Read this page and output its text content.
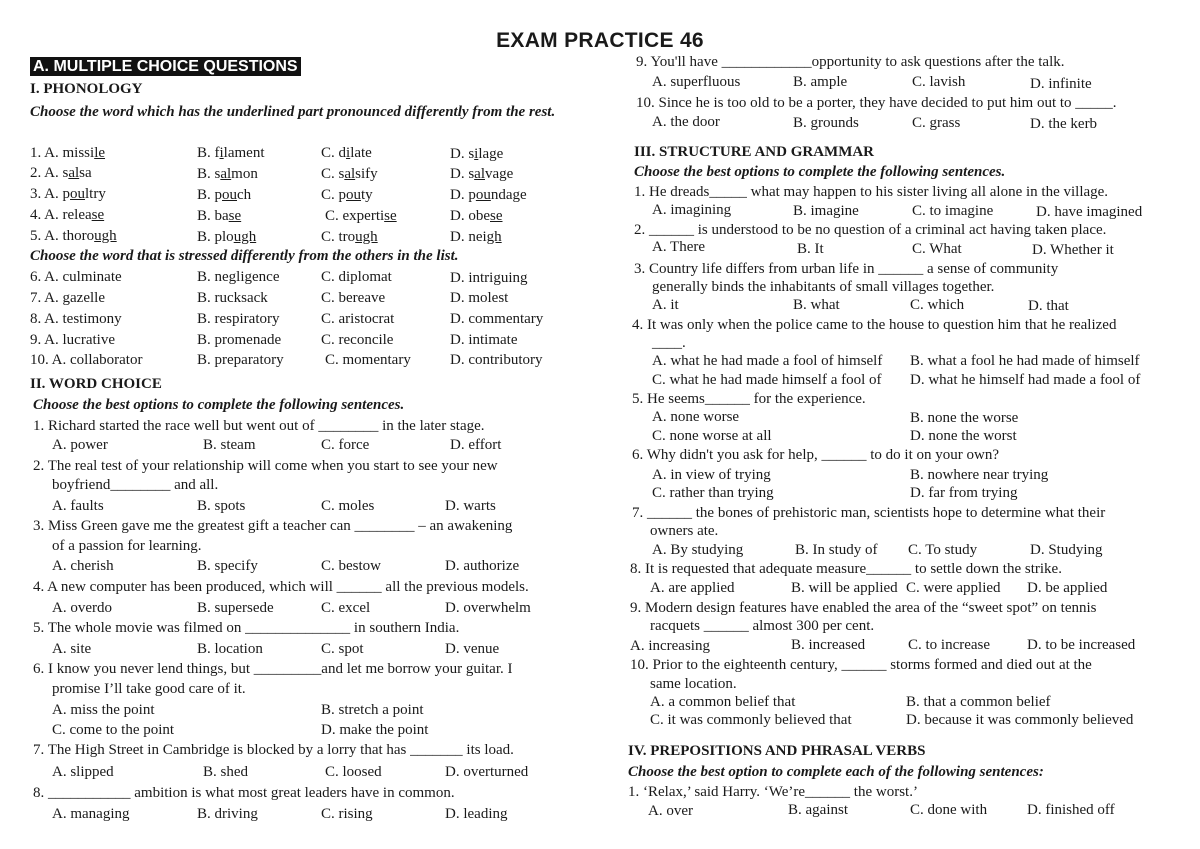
EXAM PRACTICE 46
A. MULTIPLE CHOICE QUESTIONS
I. PHONOLOGY
Choose the word which has the underlined part pronounced differently from the rest.
1. A. missile	B. filament	C. dilate	D. silage
2. A. salsa	B. salmon	C. salsify	D. salvage
3. A. poultry	B. pouch	C. pouty	D. poundage
4. A. release	B. base	C. expertise	D. obese
5. A. thorough	B. plough	C. trough	D. neigh
Choose the word that is stressed differently from the others in the list.
6. A. culminate	B. negligence	C. diplomat	D. intriguing
7. A. gazelle	B. rucksack	C. bereave	D. molest
8. A. testimony	B. respiratory	C. aristocrat	D. commentary
9. A. lucrative	B. promenade	C. reconcile	D. intimate
10. A. collaborator	B. preparatory	C. momentary	D. contributory
II. WORD CHOICE
Choose the best options to complete the following sentences.
1. Richard started the race well but went out of ________ in the later stage.
A. power	B. steam	C. force	D. effort
2. The real test of your relationship will come when you start to see your new
boyfriend________ and all.
A. faults	B. spots	C. moles	D. warts
3. Miss Green gave me the greatest gift a teacher can ________ – an awakening
of a passion for learning.
A. cherish	B. specify	C. bestow	D. authorize
4. A new computer has been produced, which will ______ all the previous models.
A. overdo	B. supersede	C. excel	D. overwhelm
5. The whole movie was filmed on ______________ in southern India.
A. site	B. location	C. spot	D. venue
6. I know you never lend things, but _________and let me borrow your guitar. I
promise I’ll take good care of it.
A. miss the point	B. stretch a point
C. come to the point	D. make the point
7. The High Street in Cambridge is blocked by a lorry that has _______ its load.
A. slipped	B. shed	C. loosed	D. overturned
8. ___________ ambition is what most great leaders have in common.
A. managing	B. driving	C. rising	D. leading
9. You'll have ____________opportunity to ask questions after the talk.
A. superfluous	B. ample	C. lavish	D. infinite
10. Since he is too old to be a porter, they have decided to put him out to _____.
A. the door	B. grounds	C. grass	D. the kerb
III. STRUCTURE AND GRAMMAR
Choose the best options to complete the following sentences.
1. He dreads_____ what may happen to his sister living all alone in the village.
A. imagining	B. imagine	C. to imagine	D. have imagined
2. ______ is understood to be no question of a criminal act having taken place.
A. There	B. It	C. What	D. Whether it
3. Country life differs from urban life in ______ a sense of community
generally binds the inhabitants of small villages together.
A. it	B. what	C. which	D. that
4. It was only when the police came to the house to question him that he realized
____.
A. what he had made a fool of himself B. what a fool he had made of himself
C. what he had made himself a fool of D. what he himself had made a fool of
5. He seems______ for the experience.
A. none worse	B. none the worse
C. none worse at all	D. none the worst
6. Why didn't you ask for help, ______ to do it on your own?
A. in view of trying	B. nowhere near trying
C. rather than trying	D. far from trying
7. ______ the bones of prehistoric man, scientists hope to determine what their
owners ate.
A. By studying	B. In study of C. To study	D. Studying
8. It is requested that adequate measure______ to settle down the strike.
A. are applied	B. will be applied C. were applied D. be applied
9. Modern design features have enabled the area of the “sweet spot” on tennis
racquets ______ almost 300 per cent.
A. increasing	B. increased	C. to increase D. to be increased
10. Prior to the eighteenth century, ______ storms formed and died out at the
same location.
A. a common belief that	B. that a common belief
C. it was commonly believed that	D. because it was commonly believed
IV. PREPOSITIONS AND PHRASAL VERBS
Choose the best option to complete each of the following sentences:
1. ‘Relax,’ said Harry. ‘We’re______ the worst.’
A. over	B. against	C. done with	D. finished off
